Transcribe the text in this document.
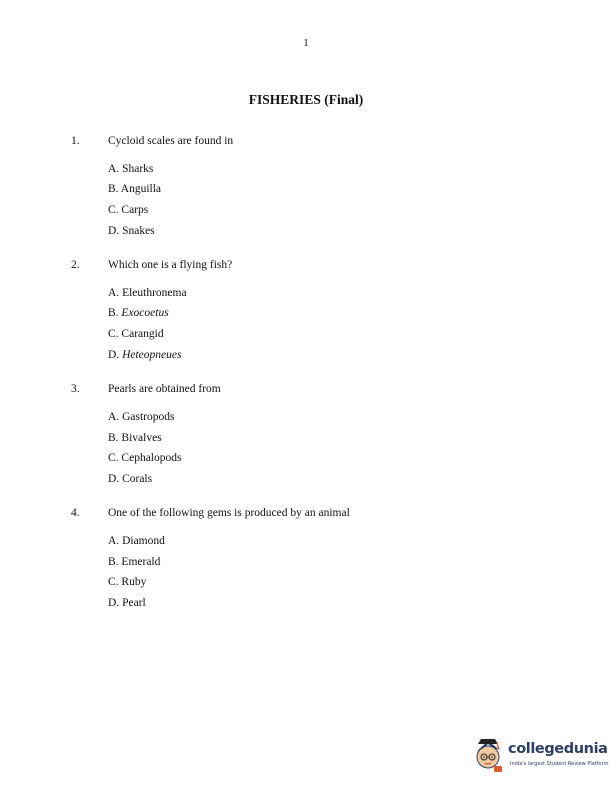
1
FISHERIES (Final)
1. Cycloid scales are found in
A. Sharks
B. Anguilla
C. Carps
D. Snakes
2. Which one is a flying fish?
A. Eleuthronema
B. Exocoetus
C. Carangid
D. Heteopneues
3. Pearls are obtained from
A. Gastropods
B. Bivalves
C. Cephalopods
D. Corals
4. One of the following gems is produced by an animal
A. Diamond
B. Emerald
C. Ruby
D. Pearl
collegedunia
India's largest Student Review Platform
